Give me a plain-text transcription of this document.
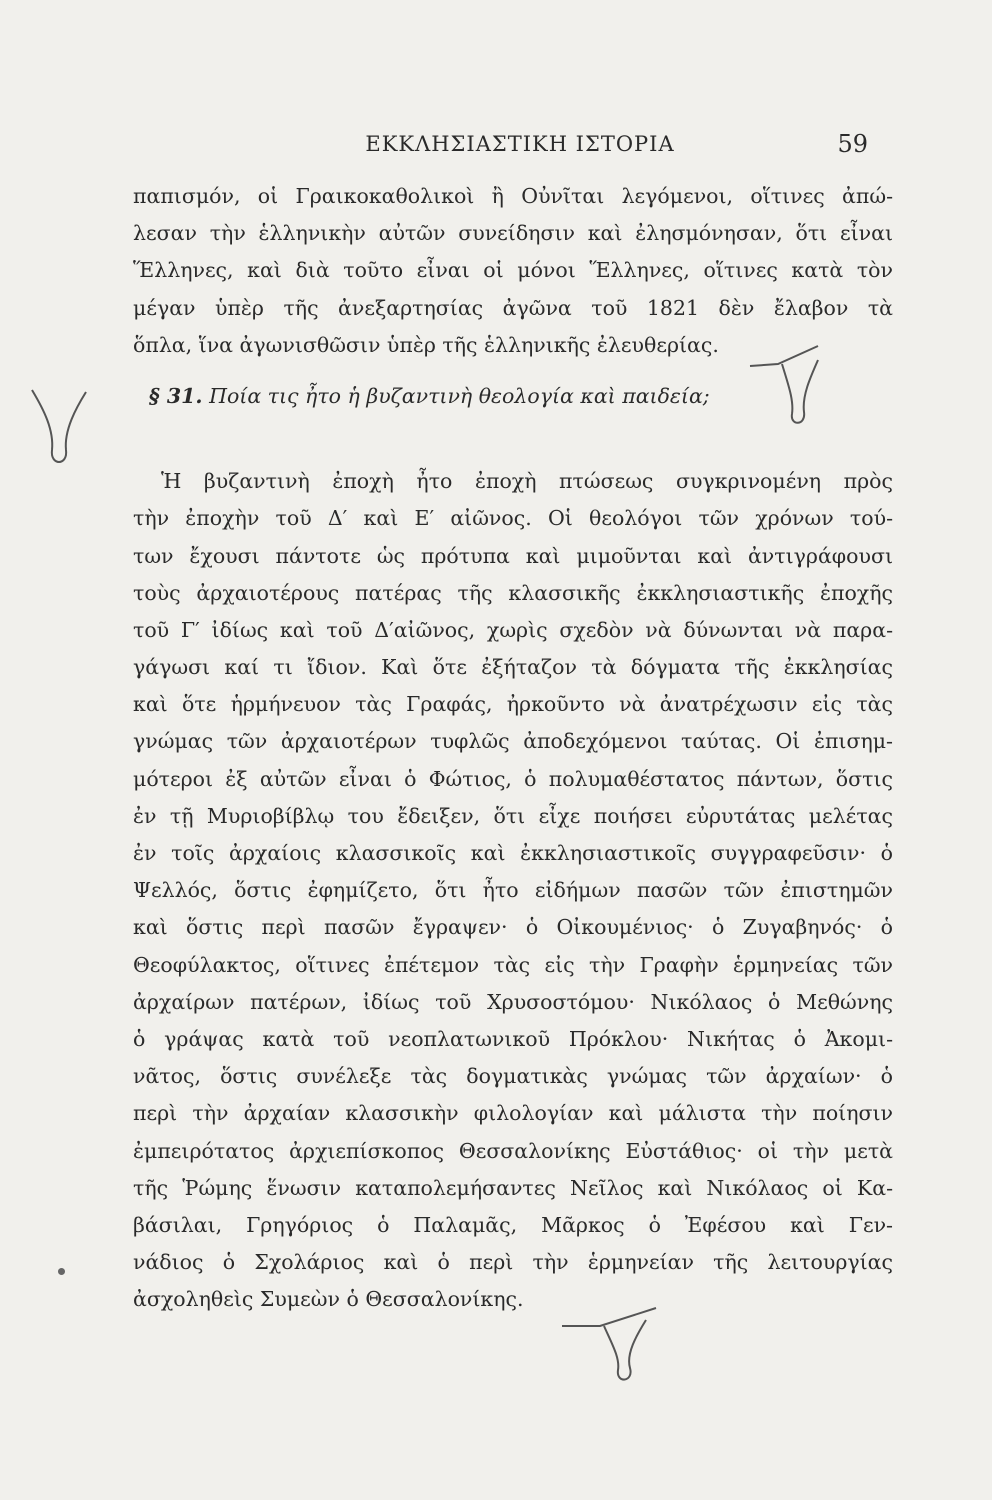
ΕΚΚΛΗΣΙΑΣΤΙΚΗ ΙΣΤΟΡΙΑ	59
παπισμόν, οἱ Γραικοκαθολικοὶ ἢ Οὐνῖται λεγόμενοι, οἵτινες ἀπώ-
λεσαν τὴν ἑλληνικὴν αὐτῶν συνείδησιν καὶ ἐλησμόνησαν, ὅτι εἶναι
Ἕλληνες, καὶ διὰ τοῦτο εἶναι οἱ μόνοι Ἕλληνες, οἵτινες κατὰ τὸν
μέγαν ὑπὲρ τῆς ἀνεξαρτησίας ἀγῶνα τοῦ 1821 δὲν ἔλαβον τὰ
ὅπλα, ἵνα ἀγωνισθῶσιν ὑπὲρ τῆς ἑλληνικῆς ἐλευθερίας.
§ 31. Ποία τις ἦτο ἡ βυζαντινὴ θεολογία καὶ παιδεία;
Ἡ βυζαντινὴ ἐποχὴ ἦτο ἐποχὴ πτώσεως συγκρινομένη πρὸς
τὴν ἐποχὴν τοῦ Δ′ καὶ Ε′ αἰῶνος. Οἱ θεολόγοι τῶν χρόνων τού-
των ἔχουσι πάντοτε ὡς πρότυπα καὶ μιμοῦνται καὶ ἀντιγράφουσι
τοὺς ἀρχαιοτέρους πατέρας τῆς κλασσικῆς ἐκκλησιαστικῆς ἐποχῆς
τοῦ Γ′ ἰδίως καὶ τοῦ Δ′αἰῶνος, χωρὶς σχεδὸν νὰ δύνωνται νὰ παρα-
γάγωσι καί τι ἴδιον. Καὶ ὅτε ἐξήταζον τὰ δόγματα τῆς ἐκκλησίας
καὶ ὅτε ἡρμήνευον τὰς Γραφάς, ἠρκοῦντο νὰ ἀνατρέχωσιν εἰς τὰς
γνώμας τῶν ἀρχαιοτέρων τυφλῶς ἀποδεχόμενοι ταύτας. Οἱ ἐπισημ-
μότεροι ἐξ αὐτῶν εἶναι ὁ Φώτιος, ὁ πολυμαθέστατος πάντων, ὅστις
ἐν τῇ Μυριοβίβλῳ του ἔδειξεν, ὅτι εἶχε ποιήσει εὐρυτάτας μελέτας
ἐν τοῖς ἀρχαίοις κλασσικοῖς καὶ ἐκκλησιαστικοῖς συγγραφεῦσιν· ὁ
Ψελλός, ὅστις ἐφημίζετο, ὅτι ἦτο εἰδήμων πασῶν τῶν ἐπιστημῶν
καὶ ὅστις περὶ πασῶν ἔγραψεν· ὁ Οἰκουμένιος· ὁ Ζυγαβηνός· ὁ
Θεοφύλακτος, οἵτινες ἐπέτεμον τὰς εἰς τὴν Γραφὴν ἑρμηνείας τῶν
ἀρχαίρων πατέρων, ἰδίως τοῦ Χρυσοστόμου· Νικόλαος ὁ Μεθώνης
ὁ γράψας κατὰ τοῦ νεοπλατωνικοῦ Πρόκλου· Νικήτας ὁ Ἀκομι-
νᾶτος, ὅστις συνέλεξε τὰς δογματικὰς γνώμας τῶν ἀρχαίων· ὁ
περὶ τὴν ἀρχαίαν κλασσικὴν φιλολογίαν καὶ μάλιστα τὴν ποίησιν
ἐμπειρότατος ἀρχιεπίσκοπος Θεσσαλονίκης Εὐστάθιος· οἱ τὴν μετὰ
τῆς Ῥώμης ἕνωσιν καταπολεμήσαντες Νεῖλος καὶ Νικόλαος οἱ Κα-
βάσιλαι, Γρηγόριος ὁ Παλαμᾶς, Μᾶρκος ὁ Ἐφέσου καὶ Γεν-
νάδιος ὁ Σχολάριος καὶ ὁ περὶ τὴν ἑρμηνείαν τῆς λειτουργίας
ἀσχοληθεὶς Συμεὼν ὁ Θεσσαλονίκης.
